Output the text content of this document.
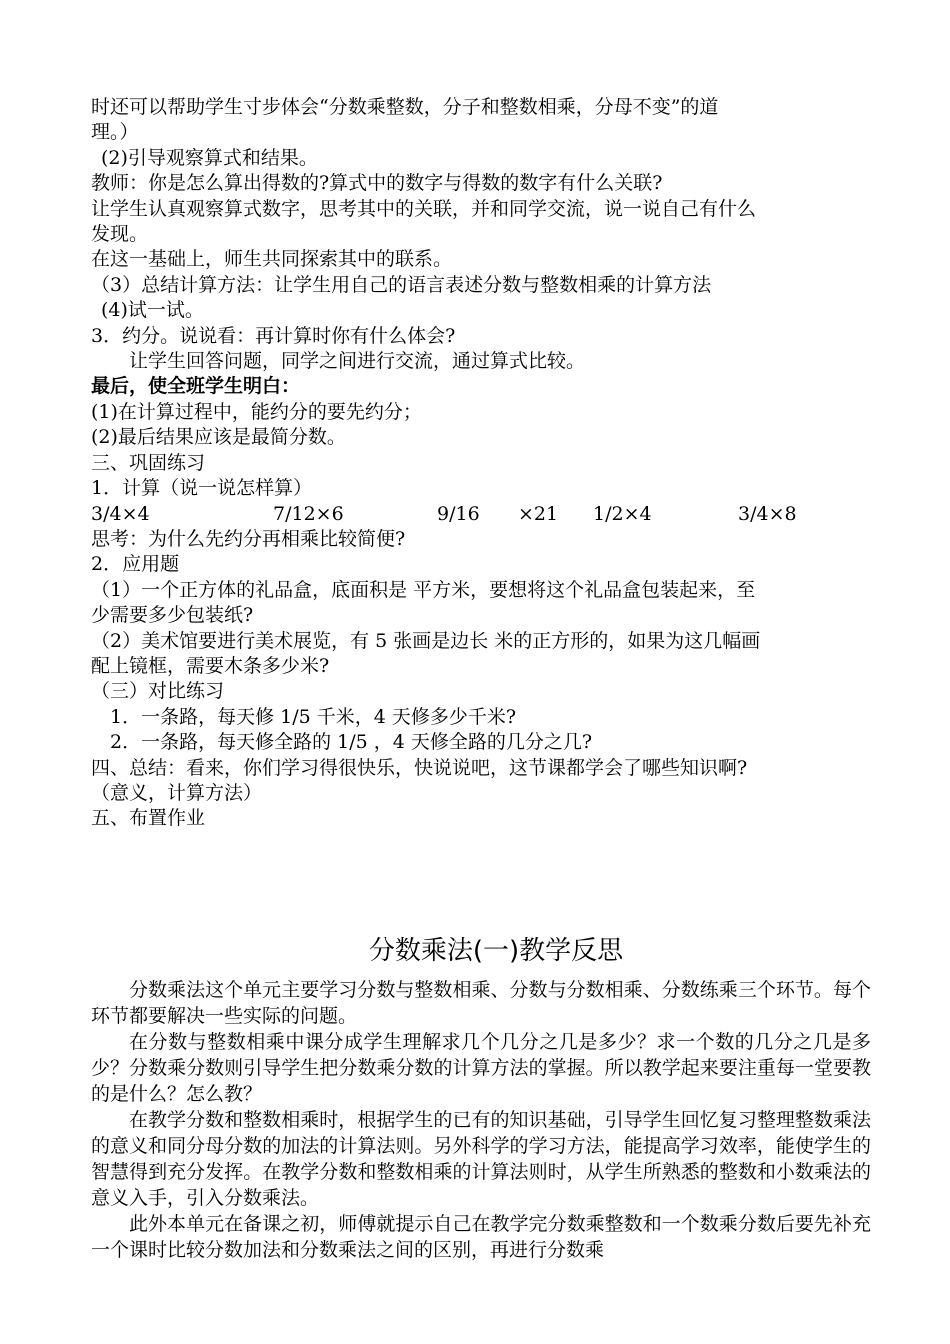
时还可以帮助学生寸步体会“分数乘整数，分子和整数相乘，分母不变”的道
理。）
(2)引导观察算式和结果。
教师：你是怎么算出得数的?算式中的数字与得数的数字有什么关联?
让学生认真观察算式数字，思考其中的关联，并和同学交流，说一说自己有什么
发现。
在这一基础上，师生共同探索其中的联系。
（3）总结计算方法：让学生用自己的语言表述分数与整数相乘的计算方法
(4)试一试。
3．约分。说说看：再计算时你有什么体会?
让学生回答问题，同学之间进行交流，通过算式比较。
最后，使全班学生明白：
(1)在计算过程中，能约分的要先约分；
(2)最后结果应该是最简分数。
三、巩固练习
1．计算（说一说怎样算）
3/4×4	7/12×6	9/16	×21	1/2×4	3/4×8
思考：为什么先约分再相乘比较简便?
2．应用题
（1）一个正方体的礼品盒，底面积是 平方米，要想将这个礼品盒包装起来，至
少需要多少包装纸?
（2）美术馆要进行美术展览，有 5 张画是边长 米的正方形的，如果为这几幅画
配上镜框，需要木条多少米?
（三）对比练习
1．一条路，每天修 1/5 千米，4 天修多少千米?
2．一条路，每天修全路的 1/5 ，4 天修全路的几分之几?
四、总结：看来，你们学习得很快乐，快说说吧，这节课都学会了哪些知识啊?
（意义，计算方法）
五、布置作业
分数乘法(一)教学反思
分数乘法这个单元主要学习分数与整数相乘、分数与分数相乘、分数练乘三个环节。每个环节都要解决一些实际的问题。
在分数与整数相乘中课分成学生理解求几个几分之几是多少？求一个数的几分之几是多少？分数乘分数则引导学生把分数乘分数的计算方法的掌握。所以教学起来要注重每一堂要教的是什么？怎么教？
在教学分数和整数相乘时，根据学生的已有的知识基础，引导学生回忆复习整理整数乘法的意义和同分母分数的加法的计算法则。另外科学的学习方法，能提高学习效率，能使学生的智慧得到充分发挥。在教学分数和整数相乘的计算法则时，从学生所熟悉的整数和小数乘法的意义入手，引入分数乘法。
此外本单元在备课之初，师傅就提示自己在教学完分数乘整数和一个数乘分数后要先补充一个课时比较分数加法和分数乘法之间的区别，再进行分数乘
